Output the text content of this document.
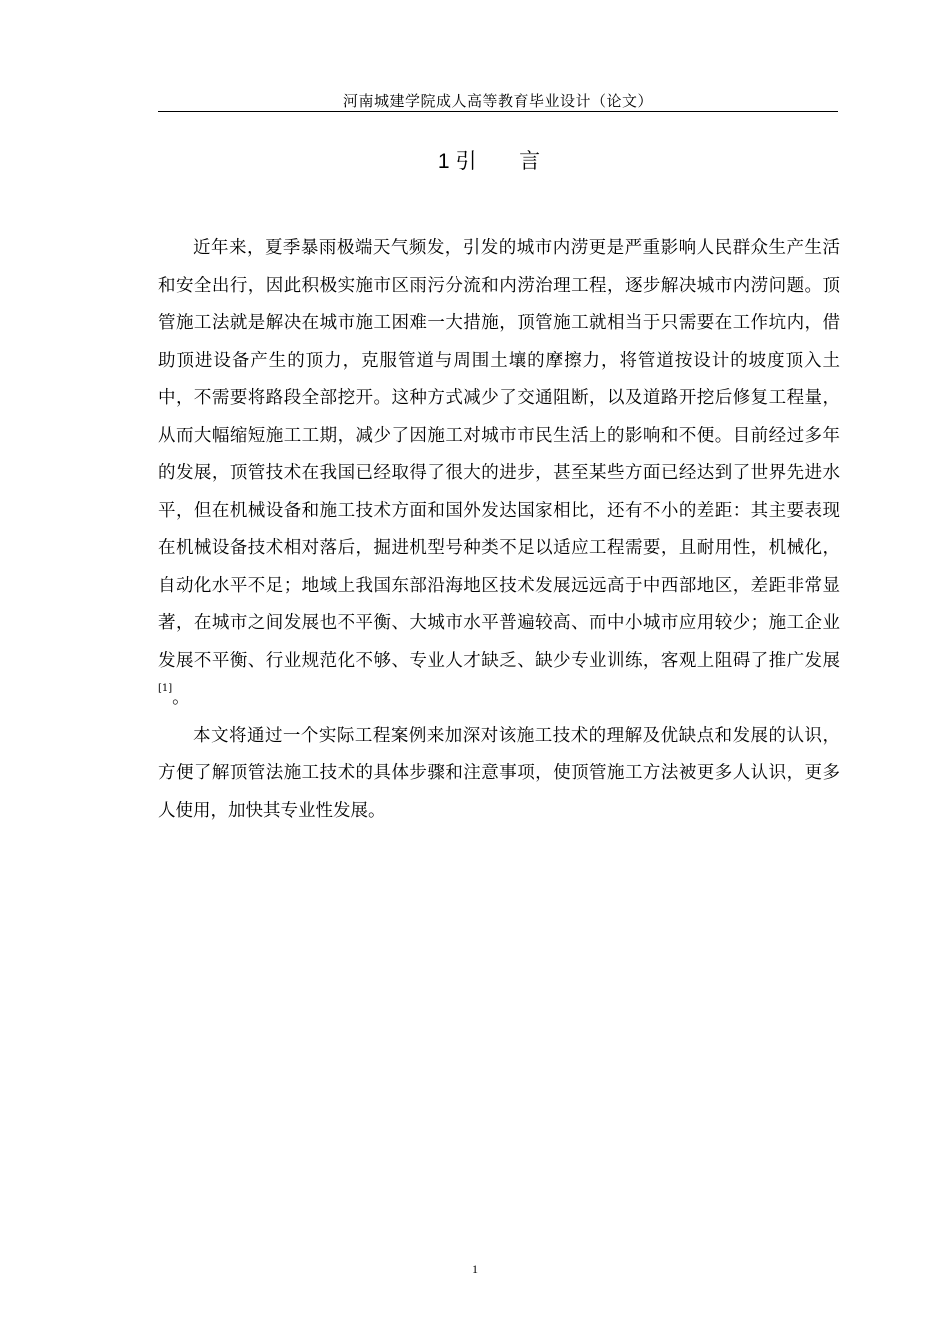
河南城建学院成人高等教育毕业设计（论文）
1 引 言

近年来，夏季暴雨极端天气频发，引发的城市内涝更是严重影响人民群众生产生活和安全出行，因此积极实施市区雨污分流和内涝治理工程，逐步解决城市内涝问题。顶管施工法就是解决在城市施工困难一大措施，顶管施工就相当于只需要在工作坑内，借助顶进设备产生的顶力，克服管道与周围土壤的摩擦力，将管道按设计的坡度顶入土中，不需要将路段全部挖开。这种方式减少了交通阻断，以及道路开挖后修复工程量，从而大幅缩短施工工期，减少了因施工对城市市民生活上的影响和不便。目前经过多年的发展，顶管技术在我国已经取得了很大的进步，甚至某些方面已经达到了世界先进水平，但在机械设备和施工技术方面和国外发达国家相比，还有不小的差距：其主要表现在机械设备技术相对落后，掘进机型号种类不足以适应工程需要，且耐用性，机械化，自动化水平不足；地域上我国东部沿海地区技术发展远远高于中西部地区，差距非常显著，在城市之间发展也不平衡、大城市水平普遍较高、而中小城市应用较少；施工企业发展不平衡、行业规范化不够、专业人才缺乏、缺少专业训练，客观上阻碍了推广发展[1]。

本文将通过一个实际工程案例来加深对该施工技术的理解及优缺点和发展的认识，方便了解顶管法施工技术的具体步骤和注意事项，使顶管施工方法被更多人认识，更多人使用，加快其专业性发展。

1
